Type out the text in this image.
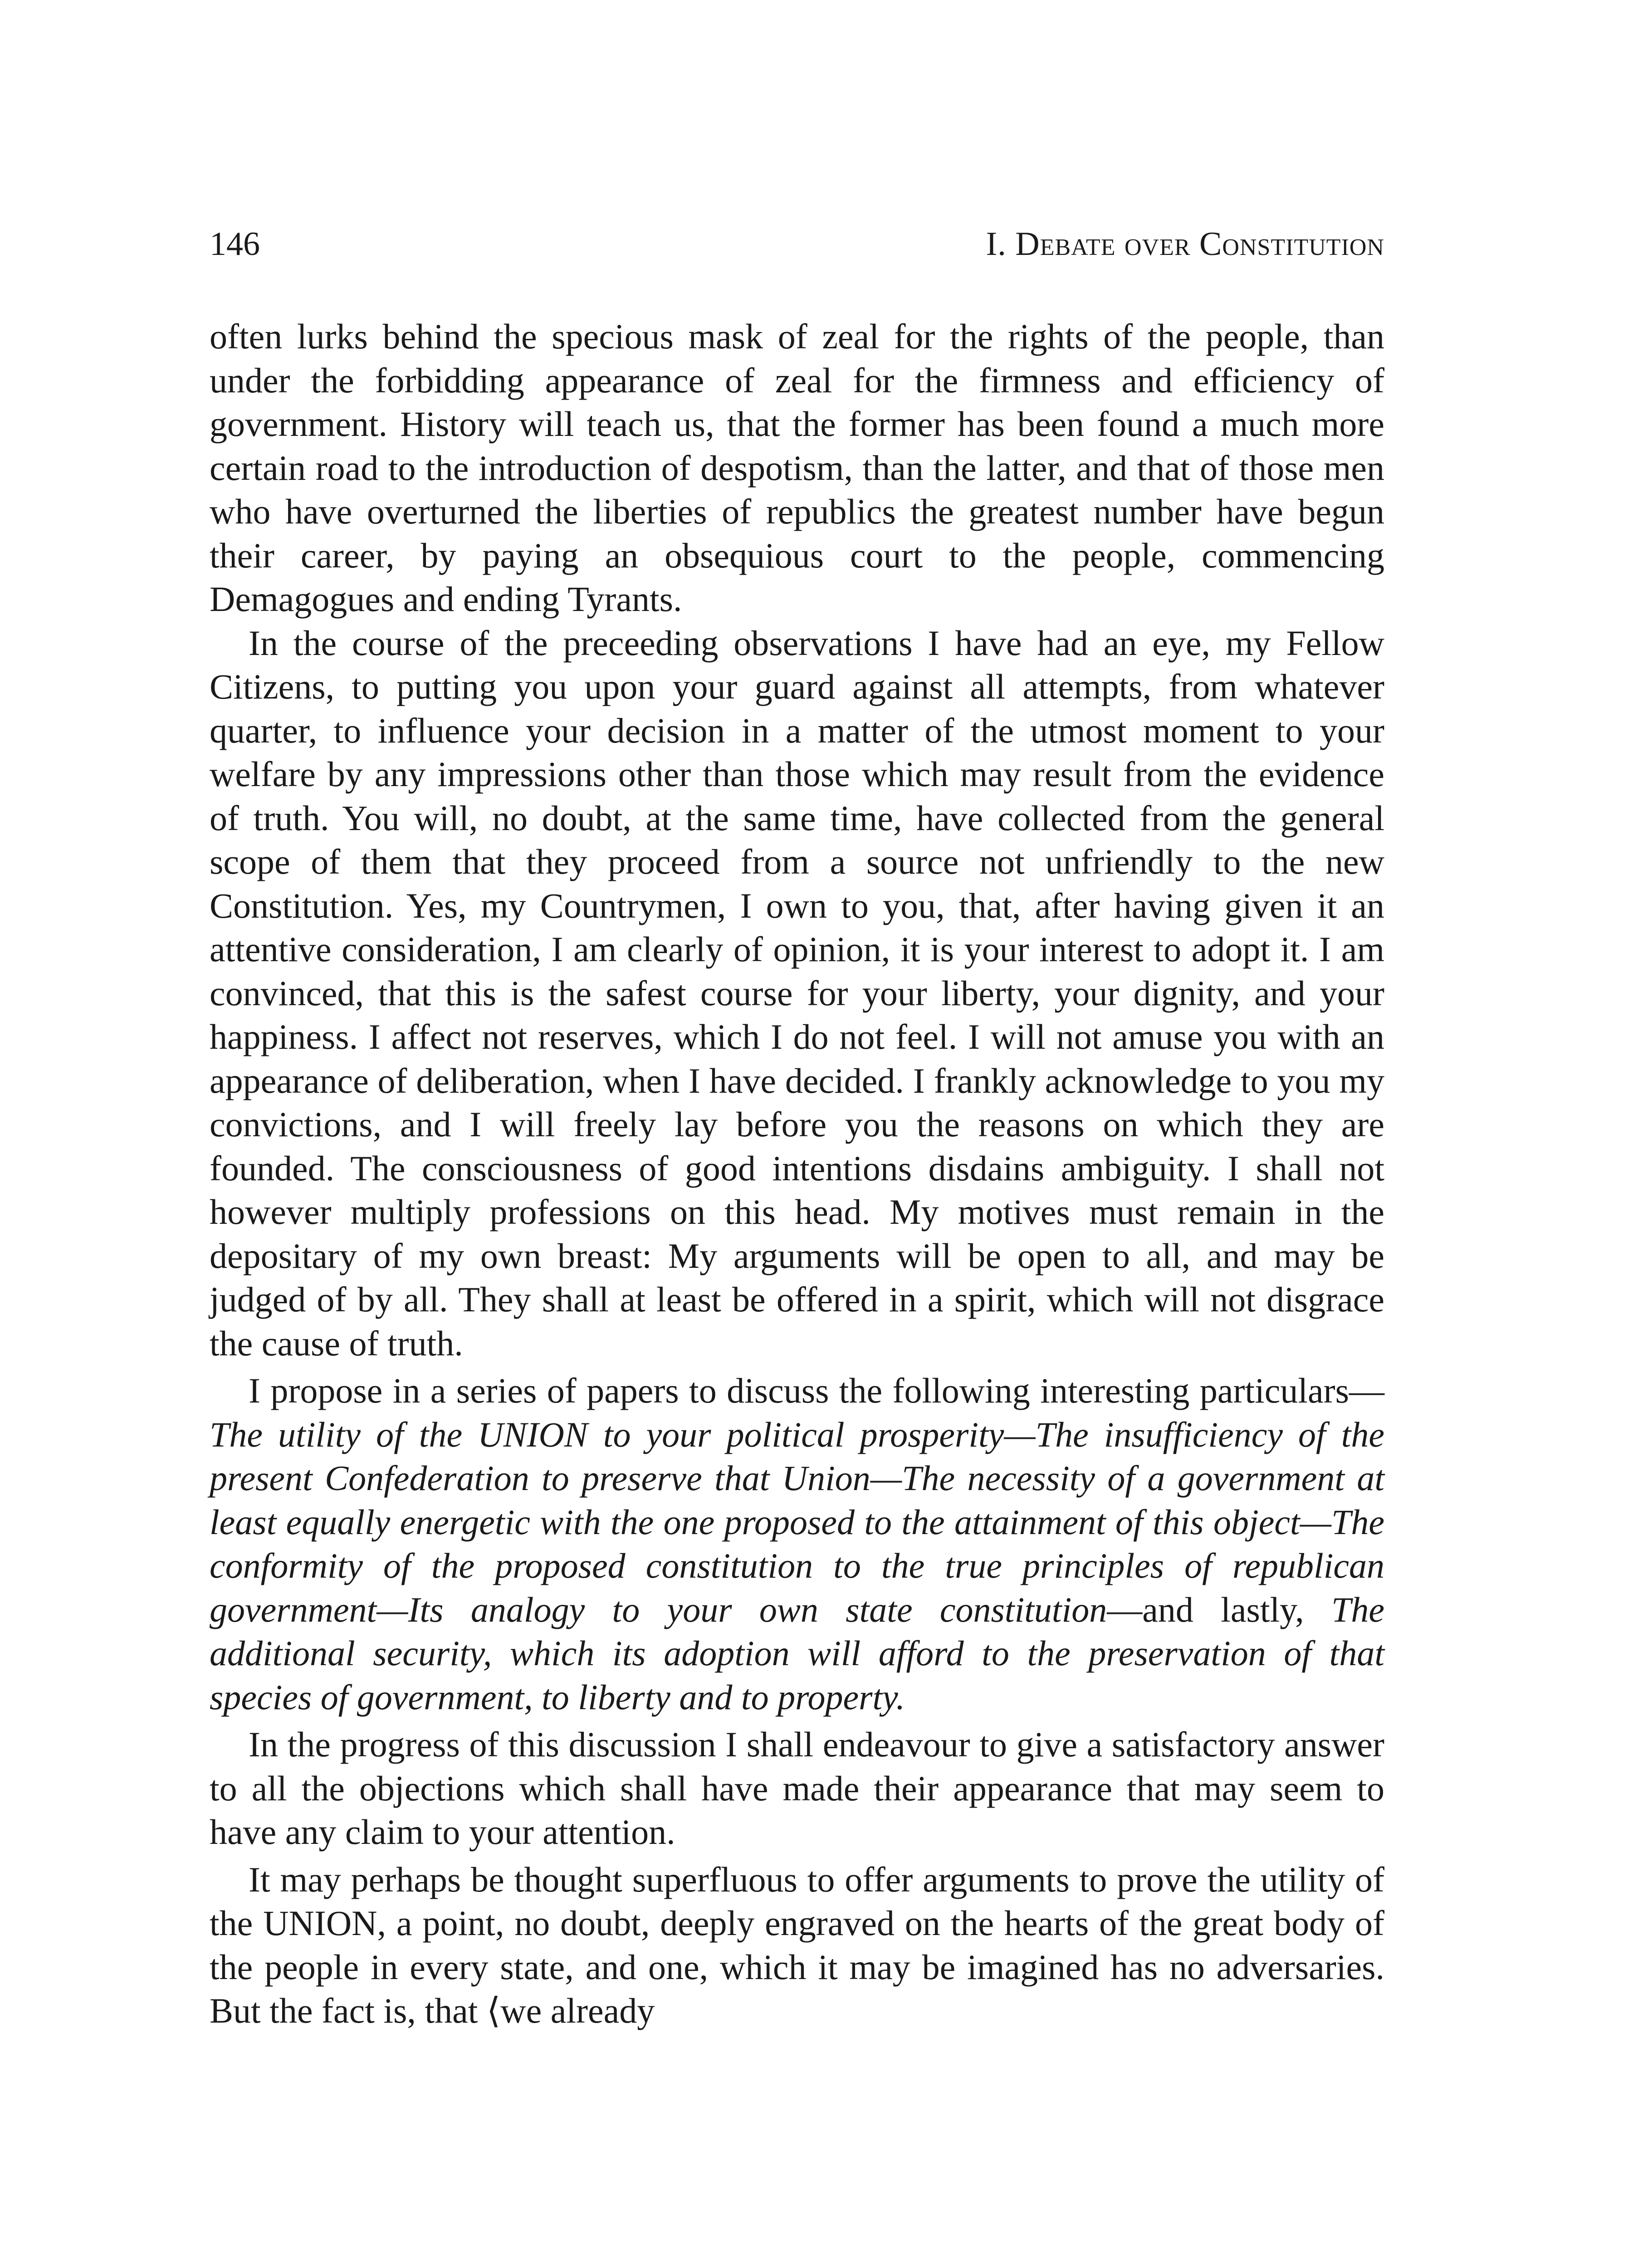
146	I. Debate over Constitution

often lurks behind the specious mask of zeal for the rights of the people, than under the forbidding appearance of zeal for the firmness and efficiency of government. History will teach us, that the former has been found a much more certain road to the introduction of despotism, than the latter, and that of those men who have overturned the liberties of republics the greatest number have begun their career, by paying an obsequious court to the people, commencing Demagogues and ending Tyrants.

In the course of the preceeding observations I have had an eye, my Fellow Citizens, to putting you upon your guard against all attempts, from whatever quarter, to influence your decision in a matter of the utmost moment to your welfare by any impressions other than those which may result from the evidence of truth. You will, no doubt, at the same time, have collected from the general scope of them that they proceed from a source not unfriendly to the new Constitution. Yes, my Countrymen, I own to you, that, after having given it an attentive consideration, I am clearly of opinion, it is your interest to adopt it. I am convinced, that this is the safest course for your liberty, your dignity, and your happiness. I affect not reserves, which I do not feel. I will not amuse you with an appearance of deliberation, when I have decided. I frankly acknowledge to you my convictions, and I will freely lay before you the reasons on which they are founded. The consciousness of good intentions disdains ambiguity. I shall not however multiply professions on this head. My motives must remain in the depositary of my own breast: My arguments will be open to all, and may be judged of by all. They shall at least be offered in a spirit, which will not disgrace the cause of truth.

I propose in a series of papers to discuss the following interesting particulars—The utility of the UNION to your political prosperity—The insufficiency of the present Confederation to preserve that Union—The necessity of a government at least equally energetic with the one proposed to the attainment of this object—The conformity of the proposed constitution to the true principles of republican government—Its analogy to your own state constitution—and lastly, The additional security, which its adoption will afford to the preservation of that species of government, to liberty and to property.

In the progress of this discussion I shall endeavour to give a satisfactory answer to all the objections which shall have made their appearance that may seem to have any claim to your attention.

It may perhaps be thought superfluous to offer arguments to prove the utility of the UNION, a point, no doubt, deeply engraved on the hearts of the great body of the people in every state, and one, which it may be imagined has no adversaries. But the fact is, that ⟨we already
